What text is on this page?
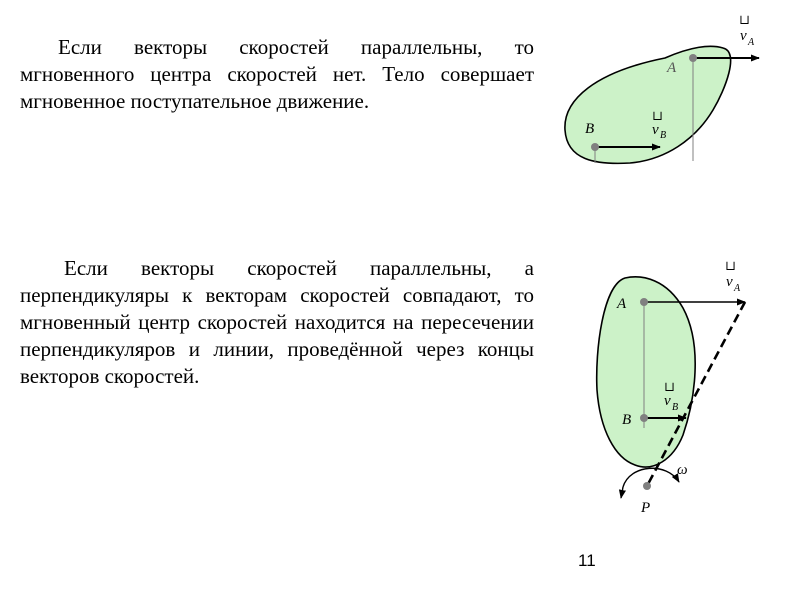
Если векторы скоростей параллельны, то мгновенного центра скоростей нет. Тело совершает мгновенное поступательное движение.

Если векторы скоростей параллельны, а перпендикуляры к векторам скоростей совпадают, то мгновенный центр скоростей находится на пересечении перпендикуляров и линии, проведённой через концы векторов скоростей.

A
B
⊔
v A
⊔
v B
A
B
P
ω
⊔
v A
⊔
v B
11
